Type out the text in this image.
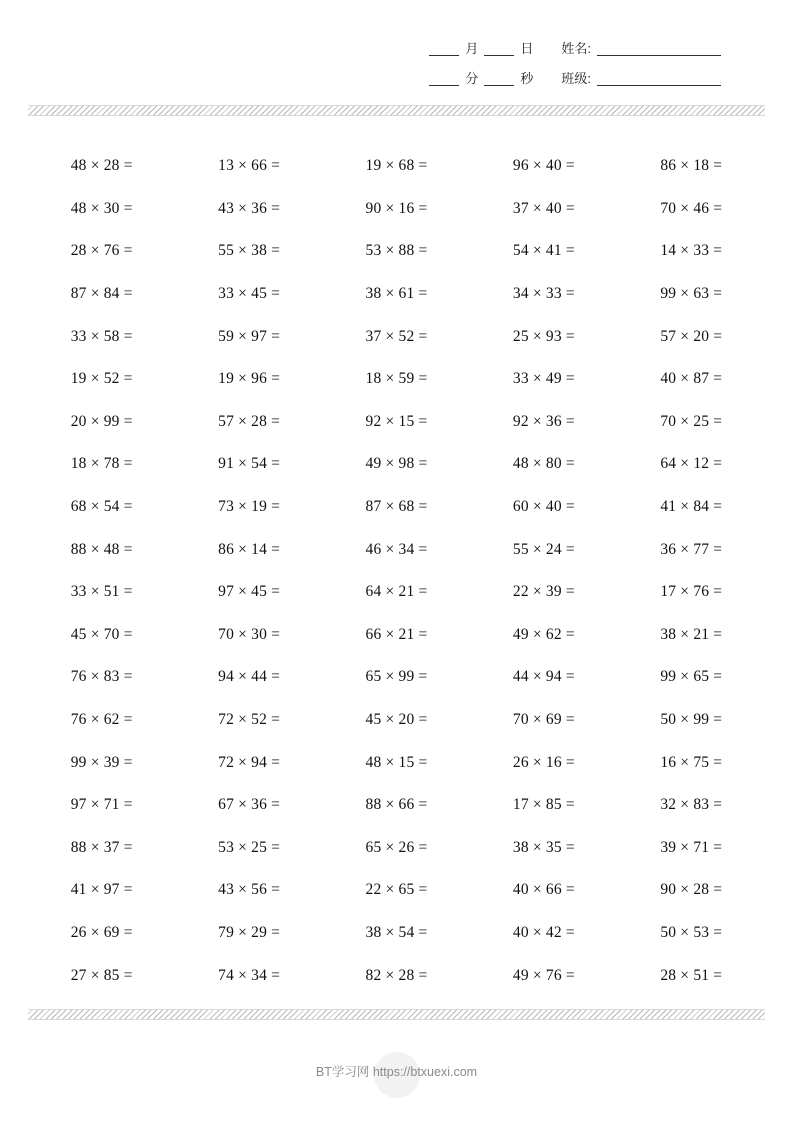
月	日 姓名:
分	秒 班级:
48 × 28 =	13 × 66 =	19 × 68 =	96 × 40 =	86 × 18 =
48 × 30 =	43 × 36 =	90 × 16 =	37 × 40 =	70 × 46 =
28 × 76 =	55 × 38 =	53 × 88 =	54 × 41 =	14 × 33 =
87 × 84 =	33 × 45 =	38 × 61 =	34 × 33 =	99 × 63 =
33 × 58 =	59 × 97 =	37 × 52 =	25 × 93 =	57 × 20 =
19 × 52 =	19 × 96 =	18 × 59 =	33 × 49 =	40 × 87 =
20 × 99 =	57 × 28 =	92 × 15 =	92 × 36 =	70 × 25 =
18 × 78 =	91 × 54 =	49 × 98 =	48 × 80 =	64 × 12 =
68 × 54 =	73 × 19 =	87 × 68 =	60 × 40 =	41 × 84 =
88 × 48 =	86 × 14 =	46 × 34 =	55 × 24 =	36 × 77 =
33 × 51 =	97 × 45 =	64 × 21 =	22 × 39 =	17 × 76 =
45 × 70 =	70 × 30 =	66 × 21 =	49 × 62 =	38 × 21 =
76 × 83 =	94 × 44 =	65 × 99 =	44 × 94 =	99 × 65 =
76 × 62 =	72 × 52 =	45 × 20 =	70 × 69 =	50 × 99 =
99 × 39 =	72 × 94 =	48 × 15 =	26 × 16 =	16 × 75 =
97 × 71 =	67 × 36 =	88 × 66 =	17 × 85 =	32 × 83 =
88 × 37 =	53 × 25 =	65 × 26 =	38 × 35 =	39 × 71 =
41 × 97 =	43 × 56 =	22 × 65 =	40 × 66 =	90 × 28 =
26 × 69 =	79 × 29 =	38 × 54 =	40 × 42 =	50 × 53 =
27 × 85 =	74 × 34 =	82 × 28 =	49 × 76 =	28 × 51 =
BT学习网 https://btxuexi.com
